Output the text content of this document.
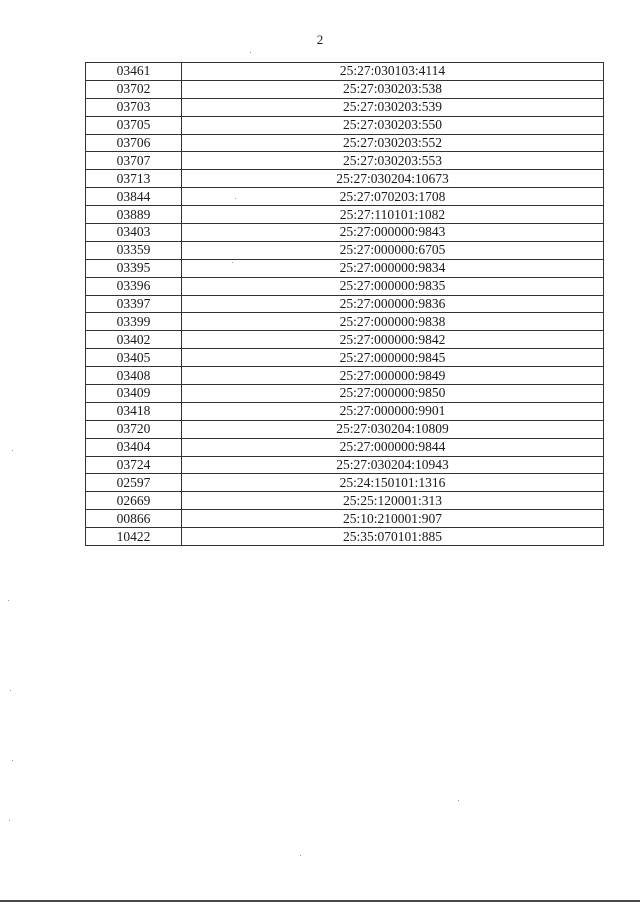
2
03461	25:27:030103:4114
03702	25:27:030203:538
03703	25:27:030203:539
03705	25:27:030203:550
03706	25:27:030203:552
03707	25:27:030203:553
03713	25:27:030204:10673
03844	25:27:070203:1708
03889	25:27:110101:1082
03403	25:27:000000:9843
03359	25:27:000000:6705
03395	25:27:000000:9834
03396	25:27:000000:9835
03397	25:27:000000:9836
03399	25:27:000000:9838
03402	25:27:000000:9842
03405	25:27:000000:9845
03408	25:27:000000:9849
03409	25:27:000000:9850
03418	25:27:000000:9901
03720	25:27:030204:10809
03404	25:27:000000:9844
03724	25:27:030204:10943
02597	25:24:150101:1316
02669	25:25:120001:313
00866	25:10:210001:907
10422	25:35:070101:885
